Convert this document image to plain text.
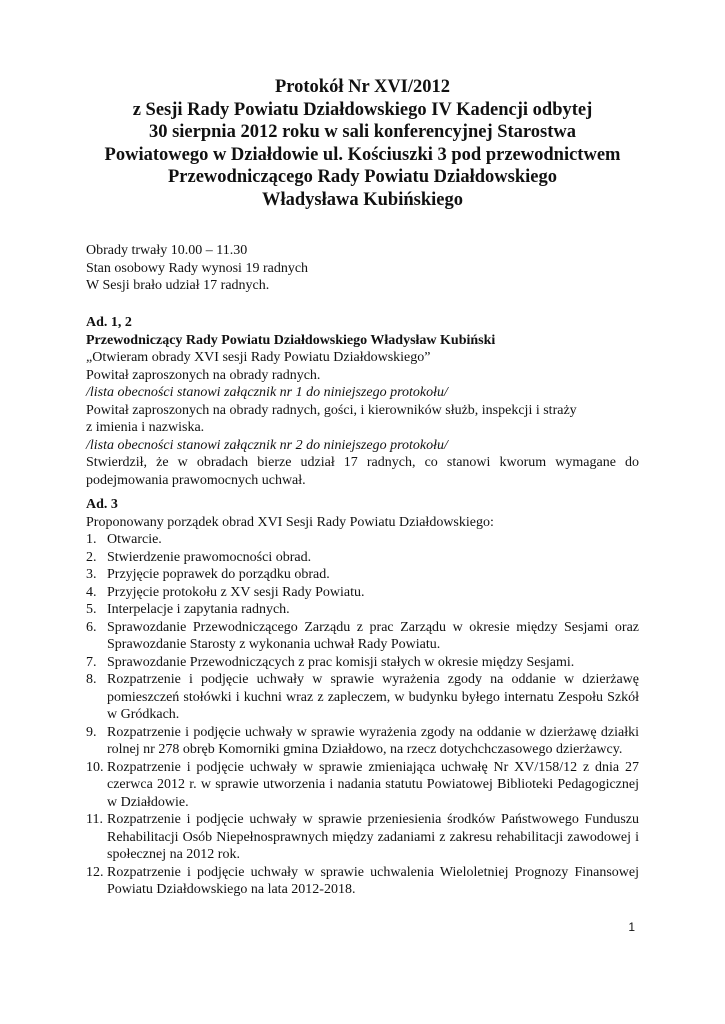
Protokół Nr XVI/2012
z Sesji Rady Powiatu Działdowskiego IV Kadencji odbytej
30 sierpnia 2012 roku w sali konferencyjnej Starostwa
Powiatowego w Działdowie ul. Kościuszki 3 pod przewodnictwem
Przewodniczącego Rady Powiatu Działdowskiego
Władysława Kubińskiego
Obrady trwały 10.00 – 11.30
Stan osobowy Rady wynosi 19 radnych
W Sesji brało udział 17 radnych.
Ad. 1, 2
Przewodniczący Rady Powiatu Działdowskiego Władysław Kubiński
„Otwieram obrady XVI sesji Rady Powiatu Działdowskiego”
Powitał zaproszonych na obrady radnych.
/lista obecności stanowi załącznik nr 1 do niniejszego protokołu/
Powitał zaproszonych na obrady radnych, gości, i kierowników służb, inspekcji i straży
z imienia i nazwiska.
/lista obecności stanowi załącznik nr 2 do niniejszego protokołu/
Stwierdził, że w obradach bierze udział 17 radnych, co stanowi kworum wymagane do podejmowania prawomocnych uchwał.
Ad. 3
Proponowany porządek obrad XVI Sesji Rady Powiatu Działdowskiego:
1. Otwarcie.
2. Stwierdzenie prawomocności obrad.
3. Przyjęcie poprawek do porządku obrad.
4. Przyjęcie protokołu z XV sesji Rady Powiatu.
5. Interpelacje i zapytania radnych.
6. Sprawozdanie Przewodniczącego Zarządu z prac Zarządu w okresie między Sesjami oraz Sprawozdanie Starosty z wykonania uchwał Rady Powiatu.
7. Sprawozdanie Przewodniczących z prac komisji stałych w okresie między Sesjami.
8. Rozpatrzenie i podjęcie uchwały w sprawie wyrażenia zgody na oddanie w dzierżawę pomieszczeń stołówki i kuchni wraz z zapleczem, w budynku byłego internatu Zespołu Szkół w Gródkach.
9. Rozpatrzenie i podjęcie uchwały w sprawie wyrażenia zgody na oddanie w dzierżawę działki rolnej nr 278 obręb Komorniki gmina Działdowo, na rzecz dotychchczasowego dzierżawcy.
10. Rozpatrzenie i podjęcie uchwały w sprawie zmieniająca uchwałę Nr XV/158/12 z dnia 27 czerwca 2012 r. w sprawie utworzenia i nadania statutu Powiatowej Biblioteki Pedagogicznej w Działdowie.
11. Rozpatrzenie i podjęcie uchwały w sprawie przeniesienia środków Państwowego Funduszu Rehabilitacji Osób Niepełnosprawnych między zadaniami z zakresu rehabilitacji zawodowej i społecznej na 2012 rok.
12. Rozpatrzenie i podjęcie uchwały w sprawie uchwalenia Wieloletniej Prognozy Finansowej Powiatu Działdowskiego na lata 2012-2018.
1
